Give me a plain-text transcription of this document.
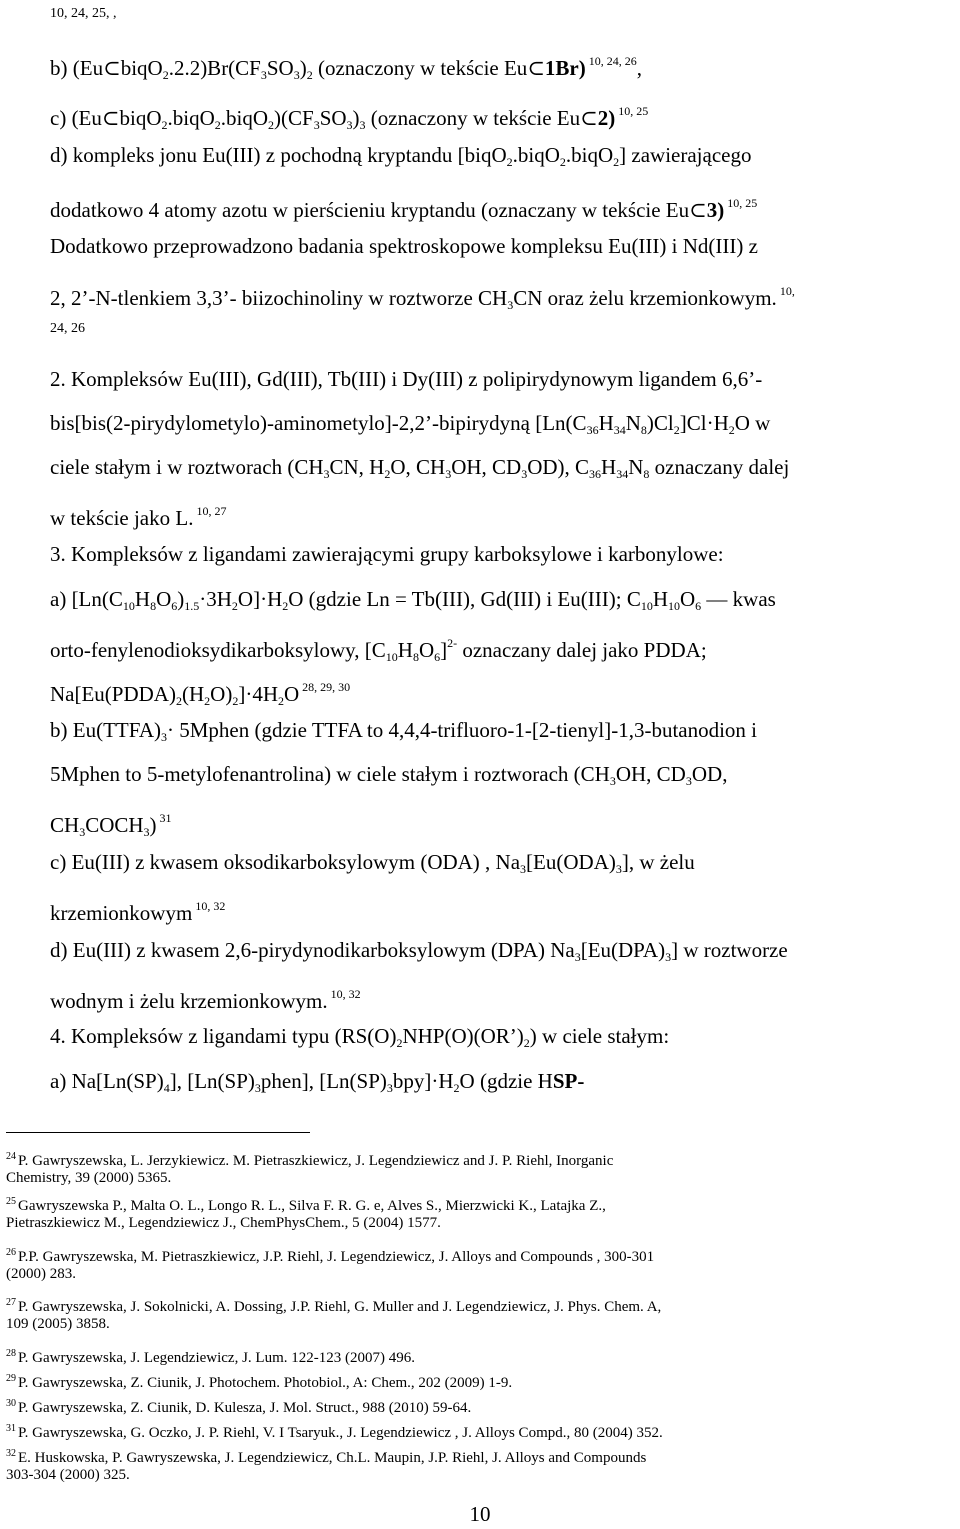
10, 24, 25, ,
b) $(Eu\subset biqO_2.2.2)Br(CF_3SO_3)_2$ (oznaczony w tekście Eu⊂1Br) $^{10, 24, 26}$,
c) $(Eu\subset biqO_2.biqO_2.biqO_2)(CF_3SO_3)_3$ (oznaczony w tekście Eu⊂2) $^{10, 25}$
d) kompleks jonu Eu(III) z pochodną kryptandu [biqO$_2$.biqO$_2$.biqO$_2$] zawierającego
dodatkowo 4 atomy azotu w pierścieniu kryptandu (oznaczany w tekście Eu⊂3) $^{10, 25}$
Dodatkowo przeprowadzono badania spektroskopowe kompleksu Eu(III) i Nd(III) z
2, 2’-N-tlenkiem 3,3’- biizochinoliny w roztworze $CH_3CN$ oraz żelu krzemionkowym. $^{10,}$
24, 26
2. Kompleksów Eu(III), Gd(III), Tb(III) i Dy(III) z polipirydynowym ligandem 6,6’-
bis[bis(2-pirydylometylo)-aminometylo]-2,2’-bipirydyną $[Ln(C_{36}H_{34}N_8)Cl_2]Cl\cdot H_2O$ w
ciele stałym i w roztworach ($CH_3CN$, $H_2O$, $CH_3OH$, $CD_3OD$), $C_{36}H_{34}N_8$ oznaczany dalej
w tekście jako L. $^{10, 27}$
3. Kompleksów z ligandami zawierającymi grupy karboksylowe i karbonylowe:
a) $[Ln(C_{10}H_8O_6)_{1.5}\cdot 3H_2O]\cdot H_2O$ (gdzie Ln = Tb(III), Gd(III) i Eu(III); $C_{10}H_{10}O_6$ — kwas
orto-fenylenodioksydikarboksylowy, $[C_{10}H_8O_6]^{2-}$ oznaczany dalej jako PDDA;
$Na[Eu(PDDA)_2(H_2O)_2]\cdot 4H_2O$ $^{28, 29, 30}$
b) $Eu(TTFA)_3\cdot$ 5Mphen (gdzie TTFA to 4,4,4-trifluoro-1-[2-tienyl]-1,3-butanodion i
5Mphen to 5-metylofenantrolina) w ciele stałym i roztworach ($CH_3OH$, $CD_3OD$,
$CH_3COCH_3$) $^{31}$
c) Eu(III) z kwasem oksodikarboksylowym (ODA) , $Na_3[Eu(ODA)_3]$, w żelu
krzemionkowym $^{10, 32}$
d) Eu(III) z kwasem 2,6-pirydynodikarboksylowym (DPA) $Na_3[Eu(DPA)_3]$ w roztworze
wodnym i żelu krzemionkowym. $^{10, 32}$
4. Kompleksów z ligandami typu $(RS(O)_2NHP(O)(OR’)_2)$ w ciele stałym:
a) $Na[Ln(SP)_4]$, $[Ln(SP)_3phen]$, $[Ln(SP)_3bpy]\cdot H_2O$ (gdzie HSP-
$^{24}$ P. Gawryszewska, L. Jerzykiewicz. M. Pietraszkiewicz, J. Legendziewicz and J. P. Riehl, Inorganic
Chemistry, 39 (2000) 5365.
$^{25}$ Gawryszewska P., Malta O. L., Longo R. L., Silva F. R. G. e, Alves S., Mierzwicki K., Latajka Z.,
Pietraszkiewicz M., Legendziewicz J., ChemPhysChem., 5 (2004) 1577.
$^{26}$ P.P. Gawryszewska, M. Pietraszkiewicz, J.P. Riehl, J. Legendziewicz, J. Alloys and Compounds , 300-301
(2000) 283.
$^{27}$ P. Gawryszewska, J. Sokolnicki, A. Dossing, J.P. Riehl, G. Muller and J. Legendziewicz, J. Phys. Chem. A,
109 (2005) 3858.
$^{28}$ P. Gawryszewska, J. Legendziewicz, J. Lum. 122-123 (2007) 496.
$^{29}$ P. Gawryszewska, Z. Ciunik, J. Photochem. Photobiol., A: Chem., 202 (2009) 1-9.
$^{30}$ P. Gawryszewska, Z. Ciunik, D. Kulesza, J. Mol. Struct., 988 (2010) 59-64.
$^{31}$ P. Gawryszewska, G. Oczko, J. P. Riehl, V. I Tsaryuk., J. Legendziewicz , J. Alloys Compd., 80 (2004) 352.
$^{32}$ E. Huskowska, P. Gawryszewska, J. Legendziewicz, Ch.L. Maupin, J.P. Riehl, J. Alloys and Compounds
303-304 (2000) 325.
10
